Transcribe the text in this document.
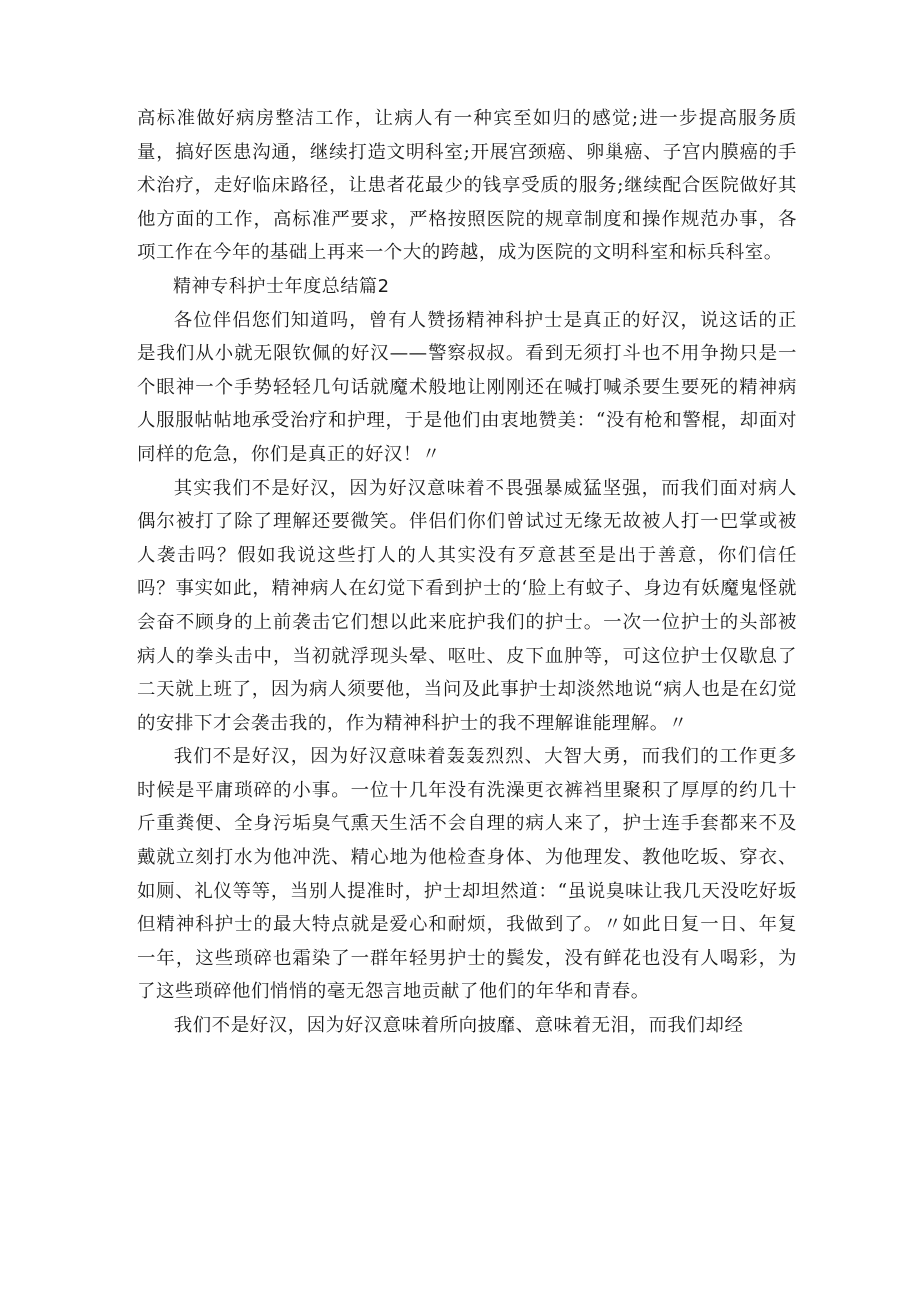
高标准做好病房整洁工作，让病人有一种宾至如归的感觉;进一步提高服务质量，搞好医患沟通，继续打造文明科室;开展宫颈癌、卵巢癌、子宫内膜癌的手术治疗，走好临床路径，让患者花最少的钱享受质的服务;继续配合医院做好其他方面的工作，高标准严要求，严格按照医院的规章制度和操作规范办事，各项工作在今年的基础上再来一个大的跨越，成为医院的文明科室和标兵科室。

精神专科护士年度总结篇2

各位伴侣您们知道吗，曾有人赞扬精神科护士是真正的好汉，说这话的正是我们从小就无限钦佩的好汉——警察叔叔。看到无须打斗也不用争拗只是一个眼神一个手势轻轻几句话就魔术般地让刚刚还在喊打喊杀要生要死的精神病人服服帖帖地承受治疗和护理，于是他们由衷地赞美：“没有枪和警棍，却面对同样的危急，你们是真正的好汉！〃

其实我们不是好汉，因为好汉意味着不畏强暴威猛坚强，而我们面对病人偶尔被打了除了理解还要微笑。伴侣们你们曾试过无缘无故被人打一巴掌或被人袭击吗？假如我说这些打人的人其实没有歹意甚至是出于善意，你们信任吗？事实如此，精神病人在幻觉下看到护士的‘脸上有蚊子、身边有妖魔鬼怪就会奋不顾身的上前袭击它们想以此来庇护我们的护士。一次一位护士的头部被病人的拳头击中，当初就浮现头晕、呕吐、皮下血肿等，可这位护士仅歇息了二天就上班了，因为病人须要他，当问及此事护士却淡然地说“病人也是在幻觉的安排下才会袭击我的，作为精神科护士的我不理解谁能理解。〃

我们不是好汉，因为好汉意味着轰轰烈烈、大智大勇，而我们的工作更多时候是平庸琐碎的小事。一位十几年没有洗澡更衣裤裆里聚积了厚厚的约几十斤重粪便、全身污垢臭气熏天生活不会自理的病人来了，护士连手套都来不及戴就立刻打水为他冲洗、精心地为他检查身体、为他理发、教他吃坂、穿衣、如厕、礼仪等等，当别人提准时，护士却坦然道：“虽说臭味让我几天没吃好坂但精神科护士的最大特点就是爱心和耐烦，我做到了。〃如此日复一日、年复一年，这些琐碎也霜染了一群年轻男护士的鬓发，没有鲜花也没有人喝彩，为了这些琐碎他们悄悄的毫无怨言地贡献了他们的年华和青春。

我们不是好汉，因为好汉意味着所向披靡、意味着无泪，而我们却经
